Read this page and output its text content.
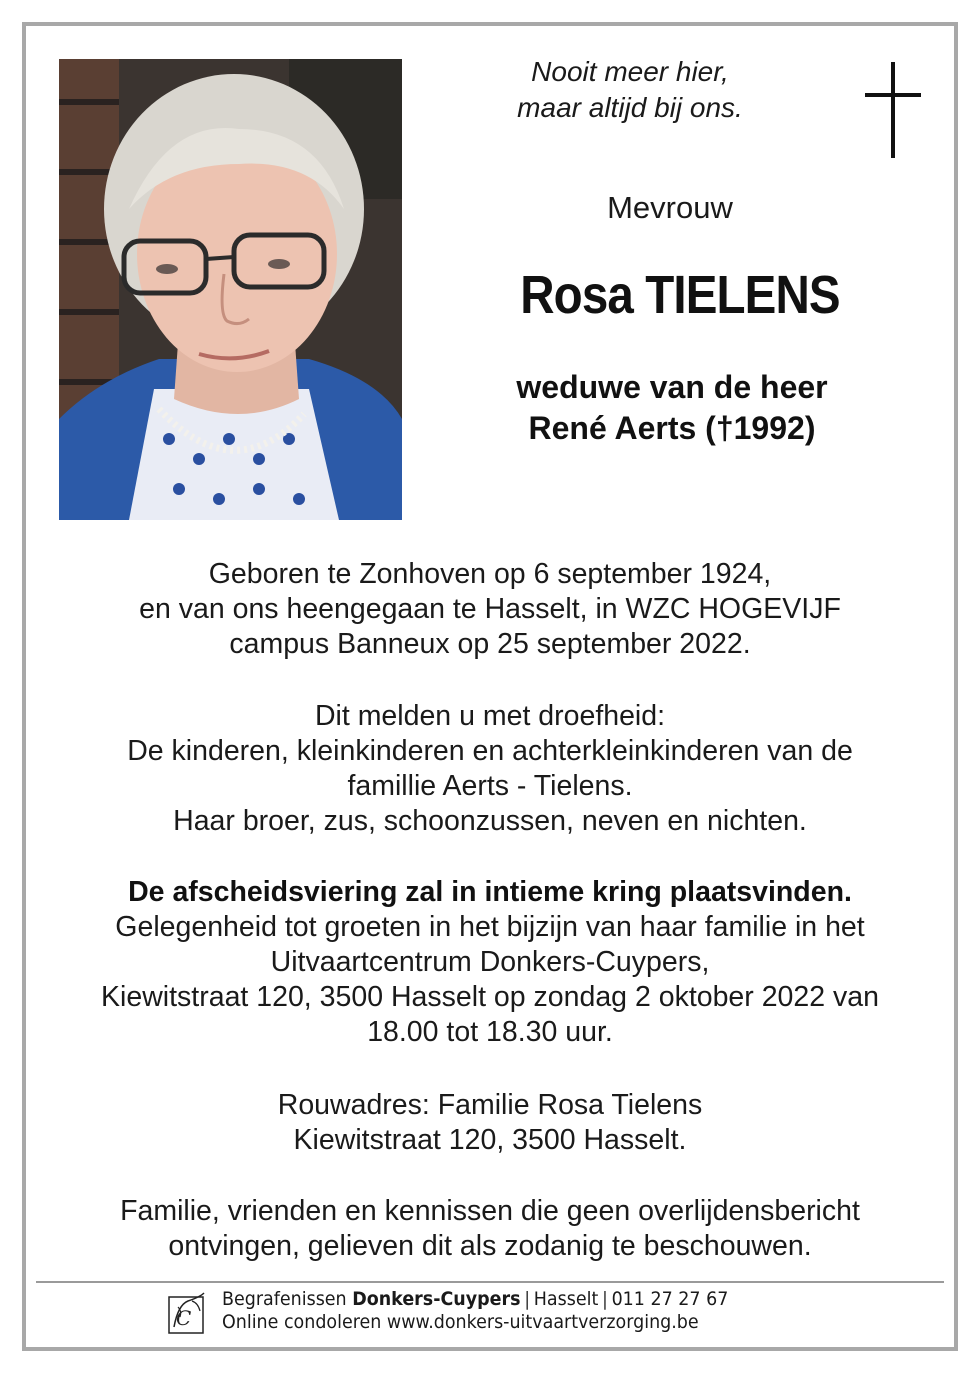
Nooit meer hier,
maar altijd bij ons.
Mevrouw
Rosa TIELENS
weduwe van de heer
René Aerts (†1992)
Geboren te Zonhoven op 6 september 1924,
en van ons heengegaan te Hasselt, in WZC HOGEVIJF
campus Banneux op 25 september 2022.
Dit melden u met droefheid:
De kinderen, kleinkinderen en achterkleinkinderen van de
famillie Aerts - Tielens.
Haar broer, zus, schoonzussen, neven en nichten.
De afscheidsviering zal in intieme kring plaatsvinden.
Gelegenheid tot groeten in het bijzijn van haar familie in het
Uitvaartcentrum Donkers-Cuypers,
Kiewitstraat 120, 3500 Hasselt op zondag 2 oktober 2022 van
18.00 tot 18.30 uur.
Rouwadres: Familie Rosa Tielens
Kiewitstraat 120, 3500 Hasselt.
Familie, vrienden en kennissen die geen overlijdensbericht
ontvingen, gelieven dit als zodanig te beschouwen.
C
Begrafenissen Donkers-Cuypers | Hasselt | 011 27 27 67
Online condoleren www.donkers-uitvaartverzorging.be
